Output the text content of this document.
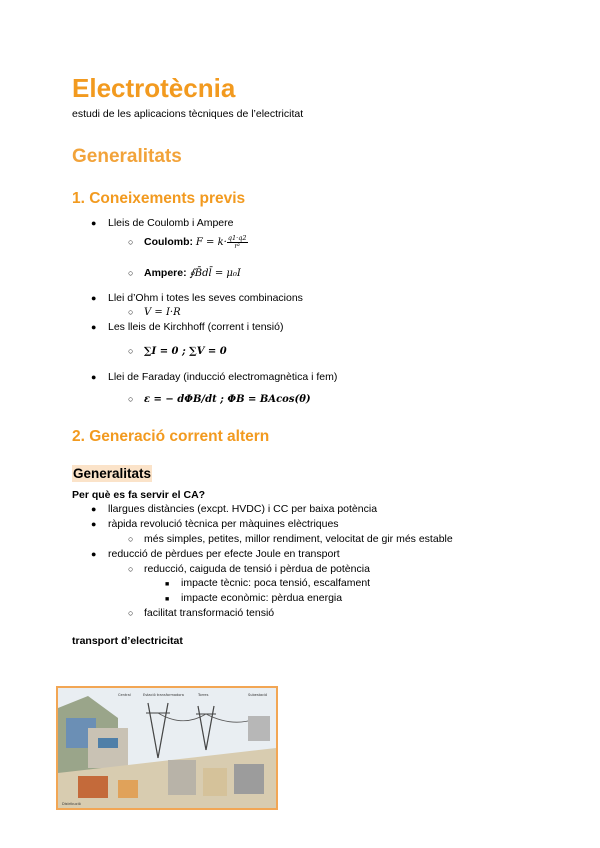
Electrotècnia
estudi de les aplicacions tècniques de l’electricitat
Generalitats
1. Coneixements previs
● Lleis de Coulomb i Ampere
○ Coulomb: $F = k\cdot \frac{q1\cdot q2}{\text{r²}}$
○ Ampere: ∮B̄dl̄ = μ₀I
● Llei d’Ohm i totes les seves combinacions
○ V = I·R
● Les lleis de Kirchhoff (corrent i tensió)
○ ∑I = 0 ; ∑V = 0
● Llei de Faraday (inducció electromagnètica i fem)
○ ε = − dΦB/dt ; ΦB = BAcos(θ)
2. Generació corrent altern
Generalitats
Per què es fa servir el CA?
● llargues distàncies (excpt. HVDC) i CC per baixa potència
● ràpida revolució tècnica per màquines elèctriques
○ més simples, petites, millor rendiment, velocitat de gir més estable
● reducció de pèrdues per efecte Joule en transport
○ reducció, caiguda de tensió i pèrdua de potència
■ impacte tècnic: poca tensió, escalfament
■ impacte econòmic: pèrdua energia
○ facilitat transformació tensió
transport d’electricitat
Central	Estació transformadora	Torres	Subestació
Distribució
